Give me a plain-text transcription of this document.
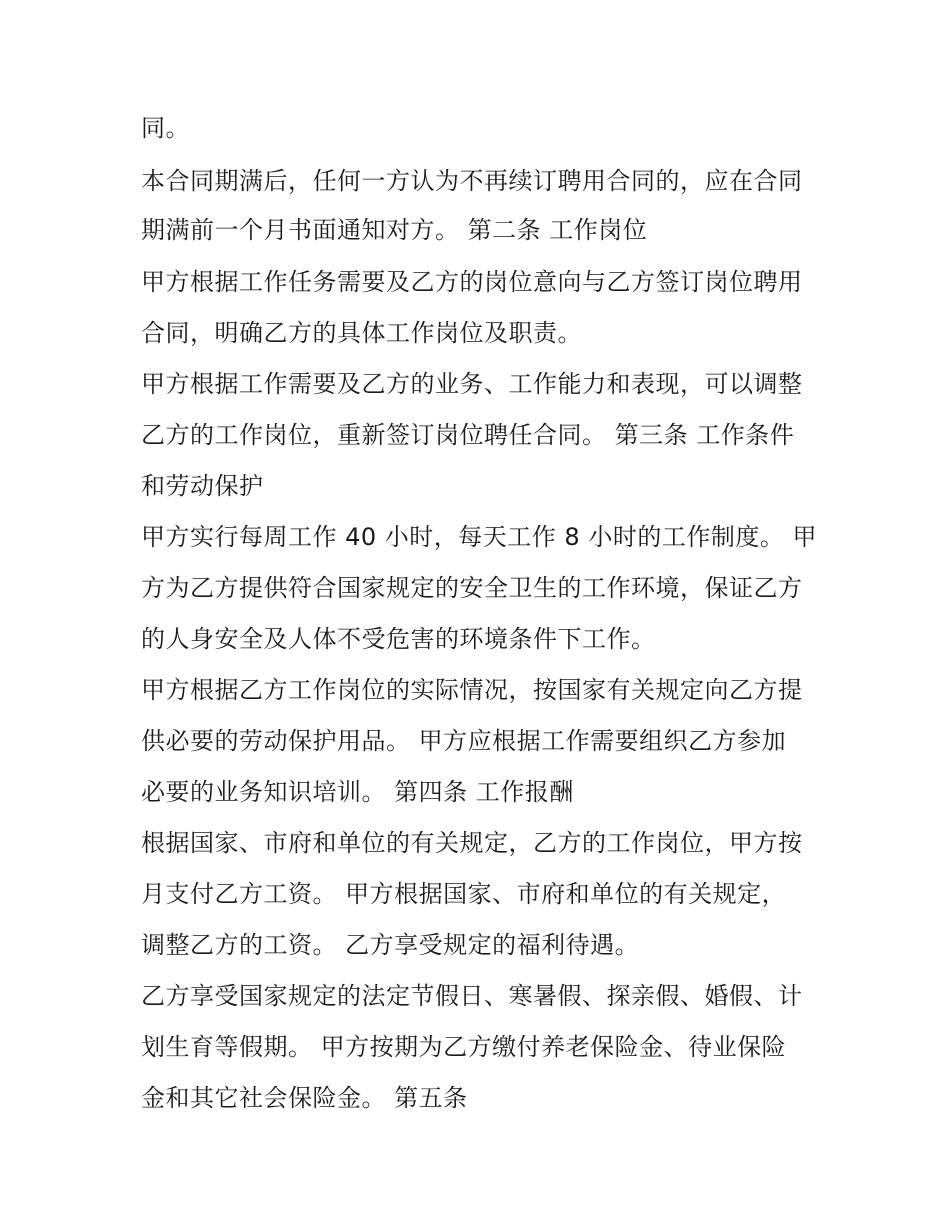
同。
本合同期满后，任何一方认为不再续订聘用合同的，应在合同
期满前一个月书面通知对方。 第二条 工作岗位
甲方根据工作任务需要及乙方的岗位意向与乙方签订岗位聘用
合同，明确乙方的具体工作岗位及职责。
甲方根据工作需要及乙方的业务、工作能力和表现，可以调整
乙方的工作岗位，重新签订岗位聘任合同。 第三条 工作条件
和劳动保护
甲方实行每周工作 40 小时，每天工作 8 小时的工作制度。 甲
方为乙方提供符合国家规定的安全卫生的工作环境，保证乙方
的人身安全及人体不受危害的环境条件下工作。
甲方根据乙方工作岗位的实际情况，按国家有关规定向乙方提
供必要的劳动保护用品。 甲方应根据工作需要组织乙方参加
必要的业务知识培训。 第四条 工作报酬
根据国家、市府和单位的有关规定，乙方的工作岗位，甲方按
月支付乙方工资。 甲方根据国家、市府和单位的有关规定，
调整乙方的工资。 乙方享受规定的福利待遇。
乙方享受国家规定的法定节假日、寒暑假、探亲假、婚假、计
划生育等假期。 甲方按期为乙方缴付养老保险金、待业保险
金和其它社会保险金。 第五条
